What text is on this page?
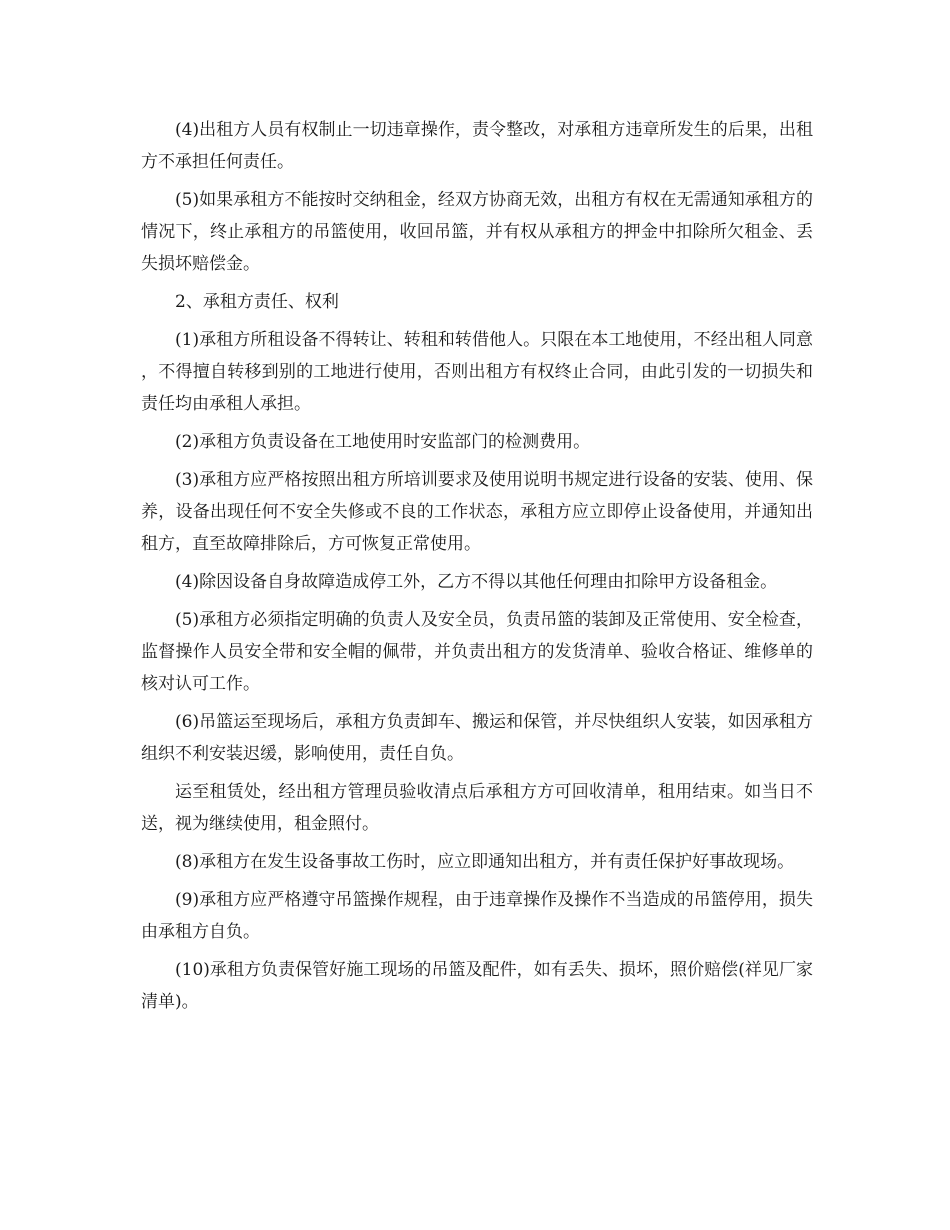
(4)出租方人员有权制止一切违章操作，责令整改，对承租方违章所发生的后果，出租方不承担任何责任。

(5)如果承租方不能按时交纳租金，经双方协商无效，出租方有权在无需通知承租方的情况下，终止承租方的吊篮使用，收回吊篮，并有权从承租方的押金中扣除所欠租金、丢失损坏赔偿金。

2、承租方责任、权利

(1)承租方所租设备不得转让、转租和转借他人。只限在本工地使用，不经出租人同意，不得擅自转移到别的工地进行使用，否则出租方有权终止合同，由此引发的一切损失和责任均由承租人承担。

(2)承租方负责设备在工地使用时安监部门的检测费用。

(3)承租方应严格按照出租方所培训要求及使用说明书规定进行设备的安装、使用、保养，设备出现任何不安全失修或不良的工作状态，承租方应立即停止设备使用，并通知出租方，直至故障排除后，方可恢复正常使用。

(4)除因设备自身故障造成停工外，乙方不得以其他任何理由扣除甲方设备租金。

(5)承租方必须指定明确的负责人及安全员，负责吊篮的装卸及正常使用、安全检查，监督操作人员安全带和安全帽的佩带，并负责出租方的发货清单、验收合格证、维修单的核对认可工作。

(6)吊篮运至现场后，承租方负责卸车、搬运和保管，并尽快组织人安装，如因承租方组织不利安装迟缓，影响使用，责任自负。

运至租赁处，经出租方管理员验收清点后承租方方可回收清单，租用结束。如当日不送，视为继续使用，租金照付。

(8)承租方在发生设备事故工伤时，应立即通知出租方，并有责任保护好事故现场。

(9)承租方应严格遵守吊篮操作规程，由于违章操作及操作不当造成的吊篮停用，损失由承租方自负。

(10)承租方负责保管好施工现场的吊篮及配件，如有丢失、损坏，照价赔偿(祥见厂家清单)。
